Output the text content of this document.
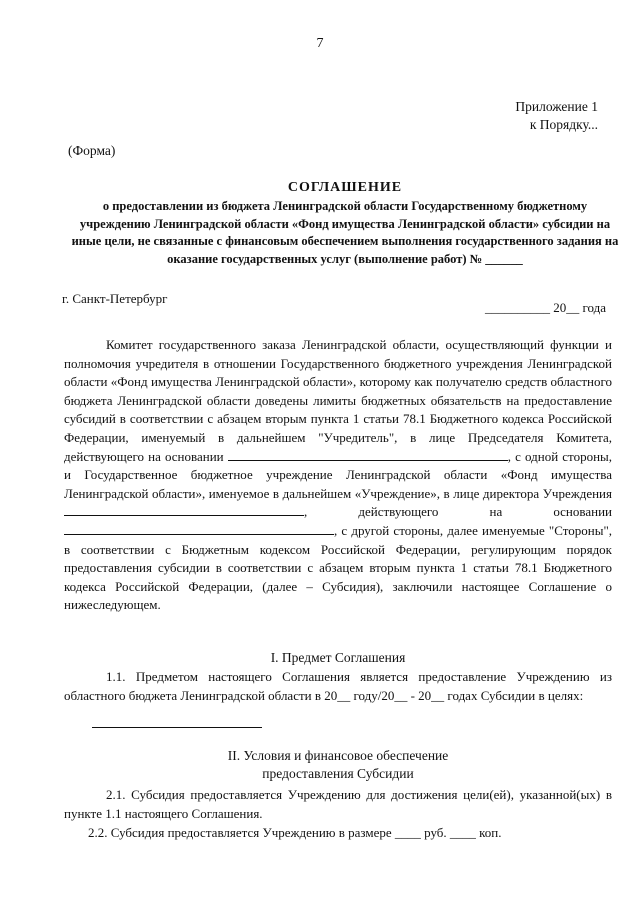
7
Приложение 1
к Порядку...
(Форма)
СОГЛАШЕНИЕ
о предоставлении из бюджета Ленинградской области Государственному бюджетному учреждению Ленинградской области «Фонд имущества Ленинградской области» субсидии на иные цели, не связанные с финансовым обеспечением выполнения государственного задания на оказание государственных услуг (выполнение работ) № ______
г. Санкт-Петербург
__________ 20__ года
Комитет государственного заказа Ленинградской области, осуществляющий функции и полномочия учредителя в отношении Государственного бюджетного учреждения Ленинградской области «Фонд имущества Ленинградской области», которому как получателю средств областного бюджета Ленинградской области доведены лимиты бюджетных обязательств на предоставление субсидий в соответствии с абзацем вторым пункта 1 статьи 78.1 Бюджетного кодекса Российской Федерации, именуемый в дальнейшем "Учредитель", в лице Председателя Комитета, действующего на основании	, с одной стороны, и Государственное бюджетное учреждение Ленинградской области «Фонд имущества Ленинградской области», именуемое в дальнейшем «Учреждение», в лице директора Учреждения , действующего на основании , с другой стороны, далее именуемые "Стороны", в соответствии с Бюджетным кодексом Российской Федерации, регулирующим порядок предоставления субсидии в соответствии с абзацем вторым пункта 1 статьи 78.1 Бюджетного кодекса Российской Федерации, (далее – Субсидия), заключили настоящее Соглашение о нижеследующем.
I. Предмет Соглашения
1.1. Предметом настоящего Соглашения является предоставление Учреждению из областного бюджета Ленинградской области в 20__ году/20__ - 20__ годах Субсидии в целях:
II. Условия и финансовое обеспечение
предоставления Субсидии
2.1. Субсидия предоставляется Учреждению для достижения цели(ей), указанной(ых) в пункте 1.1 настоящего Соглашения.
2.2. Субсидия предоставляется Учреждению в размере ____ руб. ____ коп.
